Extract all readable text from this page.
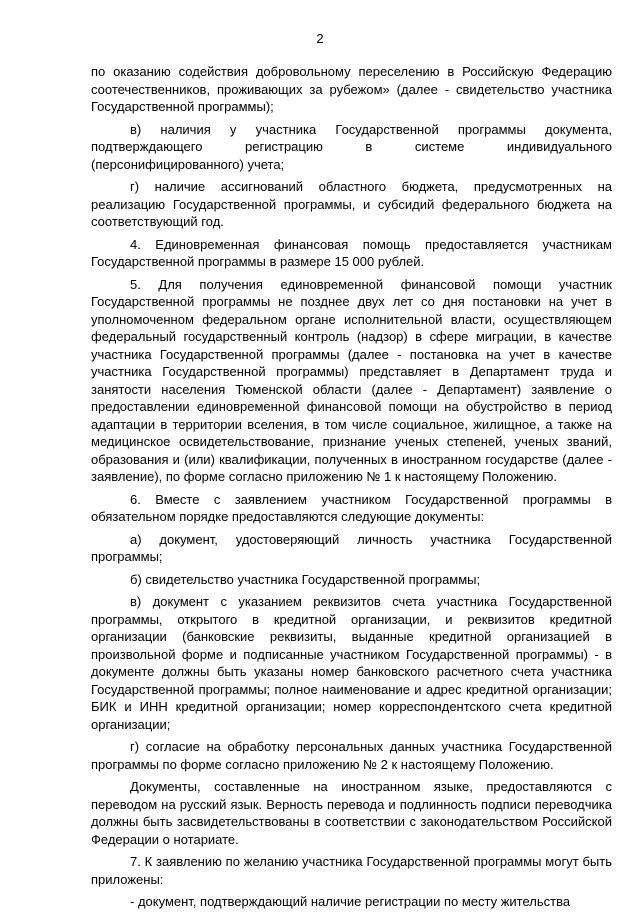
2

по оказанию содействия добровольному переселению в Российскую Федерацию соотечественников, проживающих за рубежом» (далее - свидетельство участника Государственной программы);

в) наличия у участника Государственной программы документа, подтверждающего регистрацию в системе индивидуального (персонифицированного) учета;

г) наличие ассигнований областного бюджета, предусмотренных на реализацию Государственной программы, и субсидий федерального бюджета на соответствующий год.

4. Единовременная финансовая помощь предоставляется участникам Государственной программы в размере 15 000 рублей.

5. Для получения единовременной финансовой помощи участник Государственной программы не позднее двух лет со дня постановки на учет в уполномоченном федеральном органе исполнительной власти, осуществляющем федеральный государственный контроль (надзор) в сфере миграции, в качестве участника Государственной программы (далее - постановка на учет в качестве участника Государственной программы) представляет в Департамент труда и занятости населения Тюменской области (далее - Департамент) заявление о предоставлении единовременной финансовой помощи на обустройство в период адаптации в территории вселения, в том числе социальное, жилищное, а также на медицинское освидетельствование, признание ученых степеней, ученых званий, образования и (или) квалификации, полученных в иностранном государстве (далее - заявление), по форме согласно приложению № 1 к настоящему Положению.

6. Вместе с заявлением участником Государственной программы в обязательном порядке предоставляются следующие документы:

а) документ, удостоверяющий личность участника Государственной программы;

б) свидетельство участника Государственной программы;

в) документ с указанием реквизитов счета участника Государственной программы, открытого в кредитной организации, и реквизитов кредитной организации (банковские реквизиты, выданные кредитной организацией в произвольной форме и подписанные участником Государственной программы) - в документе должны быть указаны номер банковского расчетного счета участника Государственной программы; полное наименование и адрес кредитной организации; БИК и ИНН кредитной организации; номер корреспондентского счета кредитной организации;

г) согласие на обработку персональных данных участника Государственной программы по форме согласно приложению № 2 к настоящему Положению.

Документы, составленные на иностранном языке, предоставляются с переводом на русский язык. Верность перевода и подлинность подписи переводчика должны быть засвидетельствованы в соответствии с законодательством Российской Федерации о нотариате.

7. К заявлению по желанию участника Государственной программы могут быть приложены:

- документ, подтверждающий наличие регистрации по месту жительства
